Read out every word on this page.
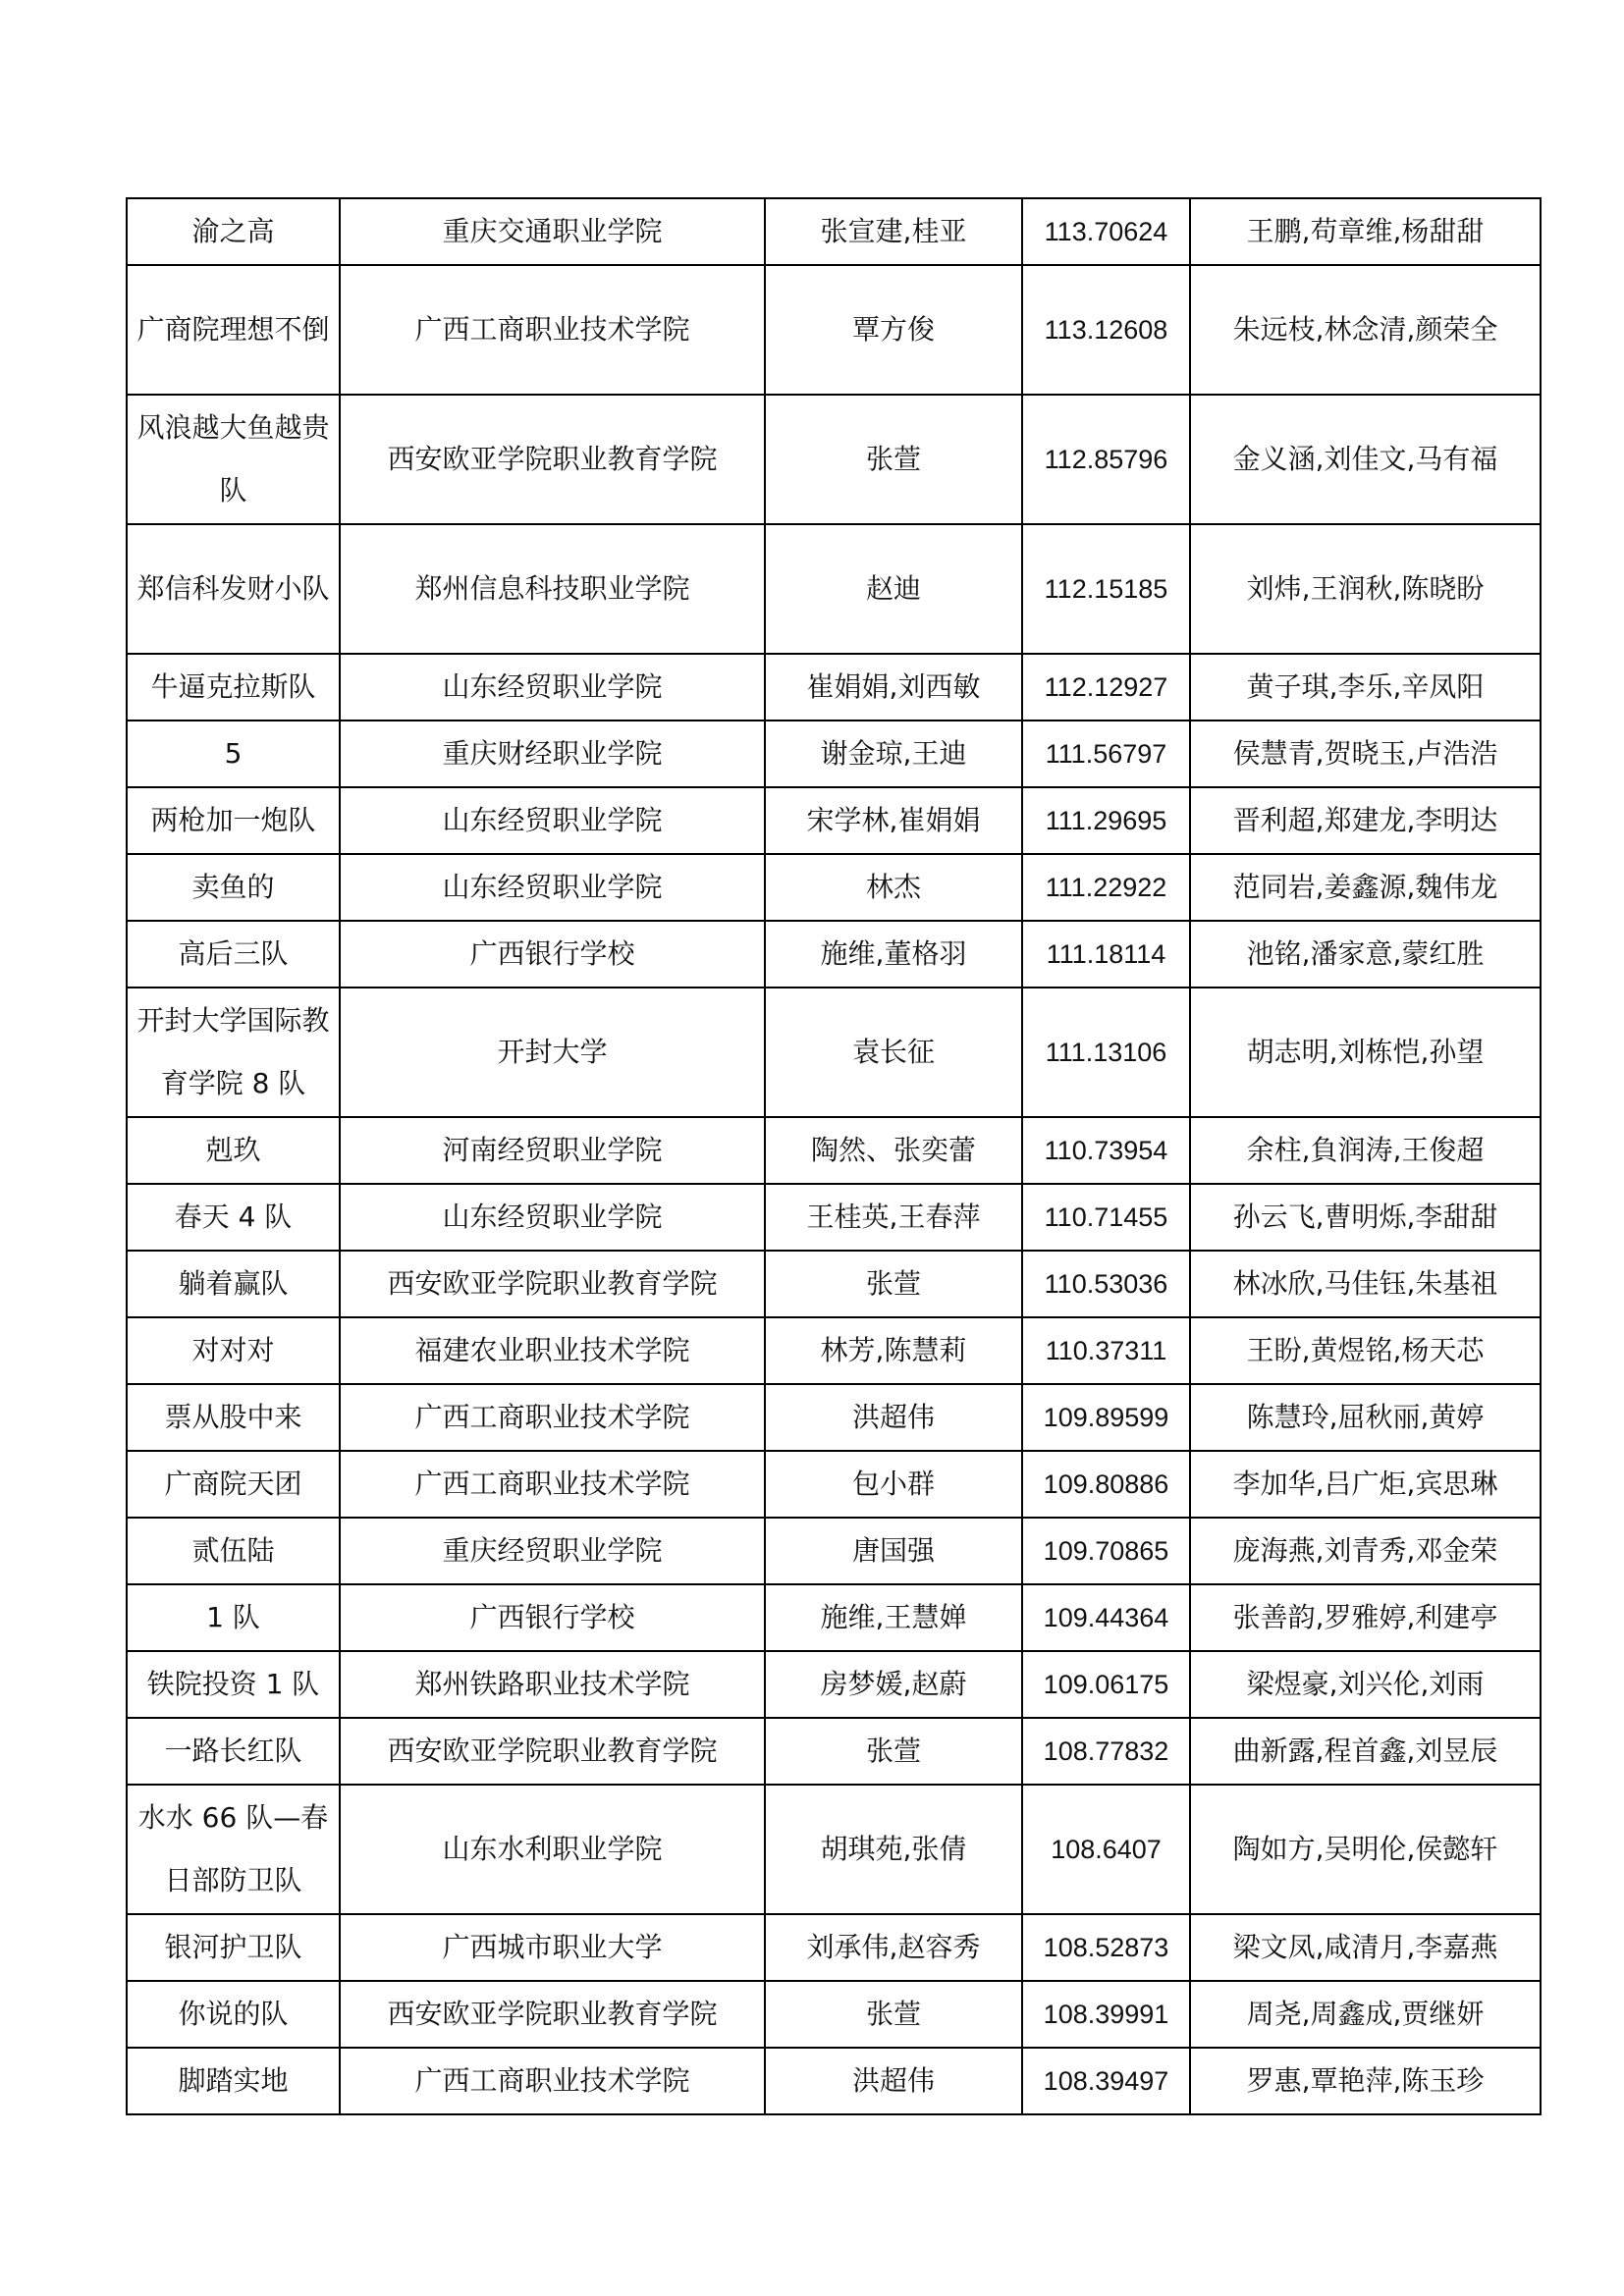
渝之高	重庆交通职业学院	张宣建,桂亚	113.70624	王鹏,苟章维,杨甜甜
广商院理想不倒	广西工商职业技术学院	覃方俊	113.12608	朱远枝,林念清,颜荣全
风浪越大鱼越贵队	西安欧亚学院职业教育学院	张萱	112.85796	金义涵,刘佳文,马有福
郑信科发财小队	郑州信息科技职业学院	赵迪	112.15185	刘炜,王润秋,陈晓盼
牛逼克拉斯队	山东经贸职业学院	崔娟娟,刘西敏	112.12927	黄子琪,李乐,辛凤阳
5	重庆财经职业学院	谢金琼,王迪	111.56797	侯慧青,贺晓玉,卢浩浩
两枪加一炮队	山东经贸职业学院	宋学林,崔娟娟	111.29695	晋利超,郑建龙,李明达
卖鱼的	山东经贸职业学院	林杰	111.22922	范同岩,姜鑫源,魏伟龙
高后三队	广西银行学校	施维,董格羽	111.18114	池铭,潘家意,蒙红胜
开封大学国际教育学院 8 队	开封大学	袁长征	111.13106	胡志明,刘栋恺,孙望
剋玖	河南经贸职业学院	陶然、张奕蕾	110.73954	余柱,負润涛,王俊超
春天 4 队	山东经贸职业学院	王桂英,王春萍	110.71455	孙云飞,曹明烁,李甜甜
躺着赢队	西安欧亚学院职业教育学院	张萱	110.53036	林冰欣,马佳钰,朱基祖
对对对	福建农业职业技术学院	林芳,陈慧莉	110.37311	王盼,黄煜铭,杨天芯
票从股中来	广西工商职业技术学院	洪超伟	109.89599	陈慧玲,屈秋丽,黄婷
广商院天团	广西工商职业技术学院	包小群	109.80886	李加华,吕广炬,宾思琳
贰伍陆	重庆经贸职业学院	唐国强	109.70865	庞海燕,刘青秀,邓金荣
1 队	广西银行学校	施维,王慧婵	109.44364	张善韵,罗雅婷,利建亭
铁院投资 1 队	郑州铁路职业技术学院	房梦媛,赵蔚	109.06175	梁煜豪,刘兴伦,刘雨
一路长红队	西安欧亚学院职业教育学院	张萱	108.77832	曲新露,程首鑫,刘昱辰
水水 66 队—春日部防卫队	山东水利职业学院	胡琪苑,张倩	108.6407	陶如方,吴明伦,侯懿轩
银河护卫队	广西城市职业大学	刘承伟,赵容秀	108.52873	梁文凤,咸清月,李嘉燕
你说的队	西安欧亚学院职业教育学院	张萱	108.39991	周尧,周鑫成,贾继妍
脚踏实地	广西工商职业技术学院	洪超伟	108.39497	罗惠,覃艳萍,陈玉珍
